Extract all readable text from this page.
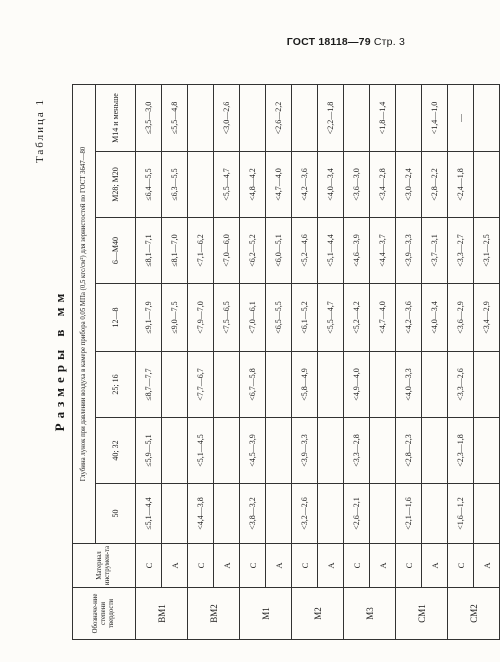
ГОСТ 18118—79 Стр. 3
Таблица 1
Размеры в мм
Обозначе-ние степени твердости	Материал инструмен-та	Глубина лунок при давлении воздуха в камере прибора 0,05 МПа (0,5 кгс/см²) для зернистостей по ГОСТ 3647—80						
		50	40; 32	25; 16	12—8	6—М40	М28; М20	М14 и меньше
ВМ1	С	≤5,1—4,4	≤5,9—5,1	≤8,7—7,7	≤9,1—7,9	≤8,1—7,1	≤6,4—5,5	≤3,5—3,0
	А				≤9,0—7,5	≤8,1—7,0	≤6,3—5,5	≤5,5—4,8
ВМ2	С	<4,4—3,8	<5,1—4,5	<7,7—6,7	<7,9—7,0	<7,1—6,2		
	А				<7,5—6,5	<7,0—6,0	<5,5—4,7	<3,0—2,6
М1	С	<3,8—3,2	<4,5—3,9	<6,7—5,8	<7,0—6,1	<6,2—5,2	<4,8—4,2	
	А				<6,5—5,5	<6,0—5,1	<4,7—4,0	<2,6—2,2
М2	С	<3,2—2,6	<3,9—3,3	<5,8—4,9	<6,1—5,2	<5,2—4,6	<4,2—3,6	
	А				<5,5—4,7	<5,1—4,4	<4,0—3,4	<2,2—1,8
М3	С	<2,6—2,1	<3,3—2,8	<4,9—4,0	<5,2—4,2	<4,6—3,9	<3,6—3,0	
	А				<4,7—4,0	<4,4—3,7	<3,4—2,8	<1,8—1,4
СМ1	С	<2,1—1,6	<2,8—2,3	<4,0—3,3	<4,2—3,6	<3,9—3,3	<3,0—2,4	
	А				<4,0—3,4	<3,7—3,1	<2,8—2,2	<1,4—1,0
СМ2	С	<1,6—1,2	<2,3—1,8	<3,3—2,6	<3,6—2,9	<3,3—2,7	<2,4—1,8	—
	А				<3,4—2,9	<3,1—2,5		
